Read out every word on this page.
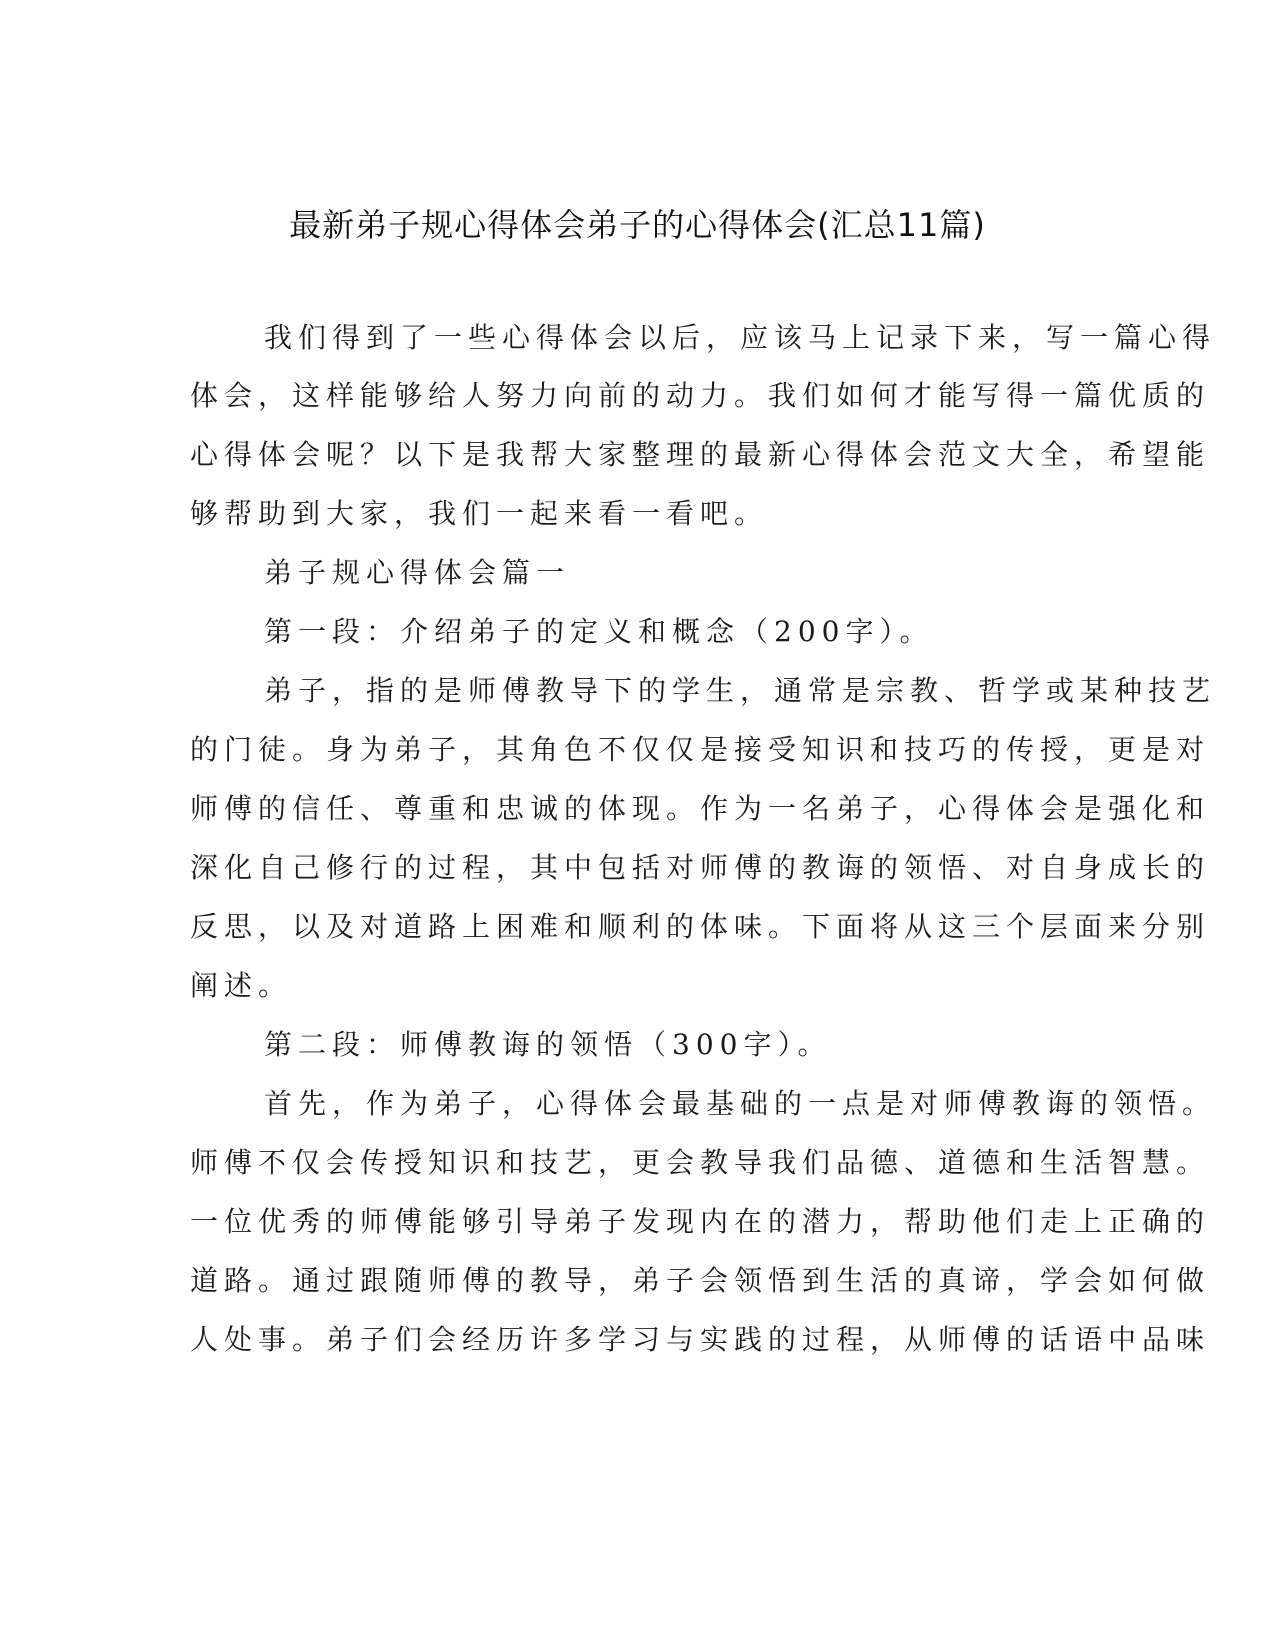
最新弟子规心得体会弟子的心得体会(汇总11篇)
我们得到了一些心得体会以后，应该马上记录下来，写一篇心得
体会，这样能够给人努力向前的动力。我们如何才能写得一篇优质的
心得体会呢？以下是我帮大家整理的最新心得体会范文大全，希望能
够帮助到大家，我们一起来看一看吧。
弟子规心得体会篇一
第一段：介绍弟子的定义和概念（200字）。
弟子，指的是师傅教导下的学生，通常是宗教、哲学或某种技艺
的门徒。身为弟子，其角色不仅仅是接受知识和技巧的传授，更是对
师傅的信任、尊重和忠诚的体现。作为一名弟子，心得体会是强化和
深化自己修行的过程，其中包括对师傅的教诲的领悟、对自身成长的
反思，以及对道路上困难和顺利的体味。下面将从这三个层面来分别
阐述。
第二段：师傅教诲的领悟（300字）。
首先，作为弟子，心得体会最基础的一点是对师傅教诲的领悟。
师傅不仅会传授知识和技艺，更会教导我们品德、道德和生活智慧。
一位优秀的师傅能够引导弟子发现内在的潜力，帮助他们走上正确的
道路。通过跟随师傅的教导，弟子会领悟到生活的真谛，学会如何做
人处事。弟子们会经历许多学习与实践的过程，从师傅的话语中品味
